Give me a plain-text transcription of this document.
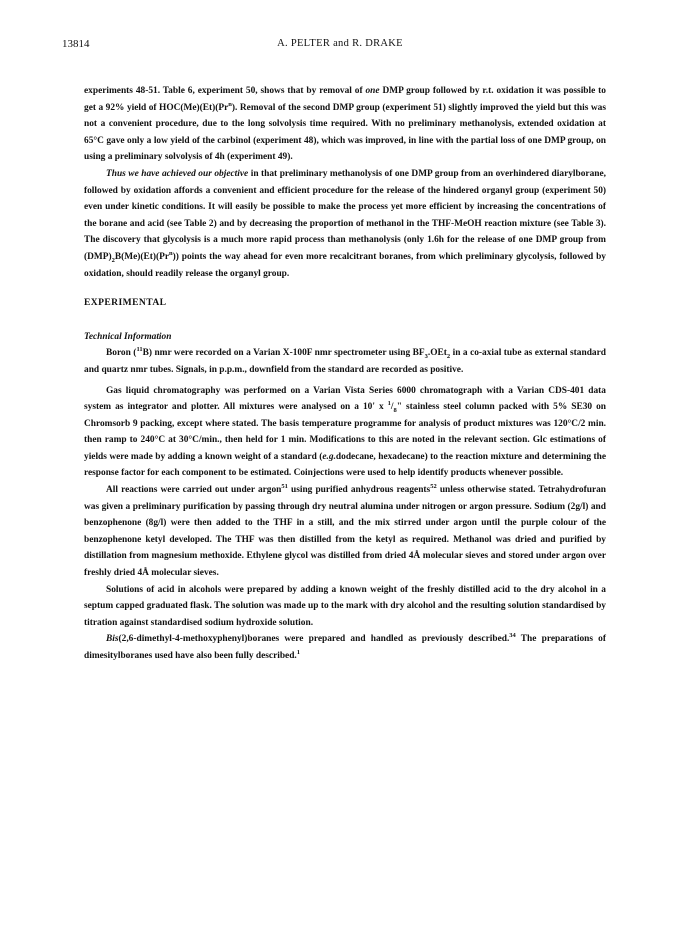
13814	A. PELTER and R. DRAKE

experiments 48-51. Table 6, experiment 50, shows that by removal of one DMP group followed by r.t. oxidation it was possible to get a 92% yield of HOC(Me)(Et)(Pr$^n$). Removal of the second DMP group (experiment 51) slightly improved the yield but this was not a convenient procedure, due to the long solvolysis time required. With no preliminary methanolysis, extended oxidation at 65°C gave only a low yield of the carbinol (experiment 48), which was improved, in line with the partial loss of one DMP group, on using a preliminary solvolysis of 4h (experiment 49).

Thus we have achieved our objective in that preliminary methanolysis of one DMP group from an overhindered diarylborane, followed by oxidation affords a convenient and efficient procedure for the release of the hindered organyl group (experiment 50) even under kinetic conditions. It will easily be possible to make the process yet more efficient by increasing the concentrations of the borane and acid (see Table 2) and by decreasing the proportion of methanol in the THF-MeOH reaction mixture (see Table 3). The discovery that glycolysis is a much more rapid process than methanolysis (only 1.6h for the release of one DMP group from $(DMP)_2B(Me)(Et)(Pr^n)$) points the way ahead for even more recalcitrant boranes, from which preliminary glycolysis, followed by oxidation, should readily release the organyl group.

EXPERIMENTAL

Technical Information

Boron ($^{11}$B) nmr were recorded on a Varian X-100F nmr spectrometer using $BF_3.OEt_2$ in a co-axial tube as external standard and quartz nmr tubes. Signals, in p.p.m., downfield from the standard are recorded as positive.

Gas liquid chromatography was performed on a Varian Vista Series 6000 chromatograph with a Varian CDS-401 data system as integrator and plotter. All mixtures were analysed on a 10' x $^1/_8$" stainless steel column packed with 5% SE30 on Chromsorb 9 packing, except where stated. The basis temperature programme for analysis of product mixtures was 120°C/2 min. then ramp to 240°C at 30°C/min., then held for 1 min. Modifications to this are noted in the relevant section. Glc estimations of yields were made by adding a known weight of a standard (e.g.dodecane, hexadecane) to the reaction mixture and determining the response factor for each component to be estimated. Coinjections were used to help identify products whenever possible.

All reactions were carried out under argon$^{51}$ using purified anhydrous reagents$^{52}$ unless otherwise stated. Tetrahydrofuran was given a preliminary purification by passing through dry neutral alumina under nitrogen or argon pressure. Sodium (2g/l) and benzophenone (8g/l) were then added to the THF in a still, and the mix stirred under argon until the purple colour of the benzophenone ketyl developed. The THF was then distilled from the ketyl as required. Methanol was dried and purified by distillation from magnesium methoxide. Ethylene glycol was distilled from dried 4Å molecular sieves and stored under argon over freshly dried 4Å molecular sieves.

Solutions of acid in alcohols were prepared by adding a known weight of the freshly distilled acid to the dry alcohol in a septum capped graduated flask. The solution was made up to the mark with dry alcohol and the resulting solution standardised by titration against standardised sodium hydroxide solution.

Bis(2,6-dimethyl-4-methoxyphenyl)boranes were prepared and handled as previously described.$^{34}$ The preparations of dimesitylboranes used have also been fully described.$^1$
